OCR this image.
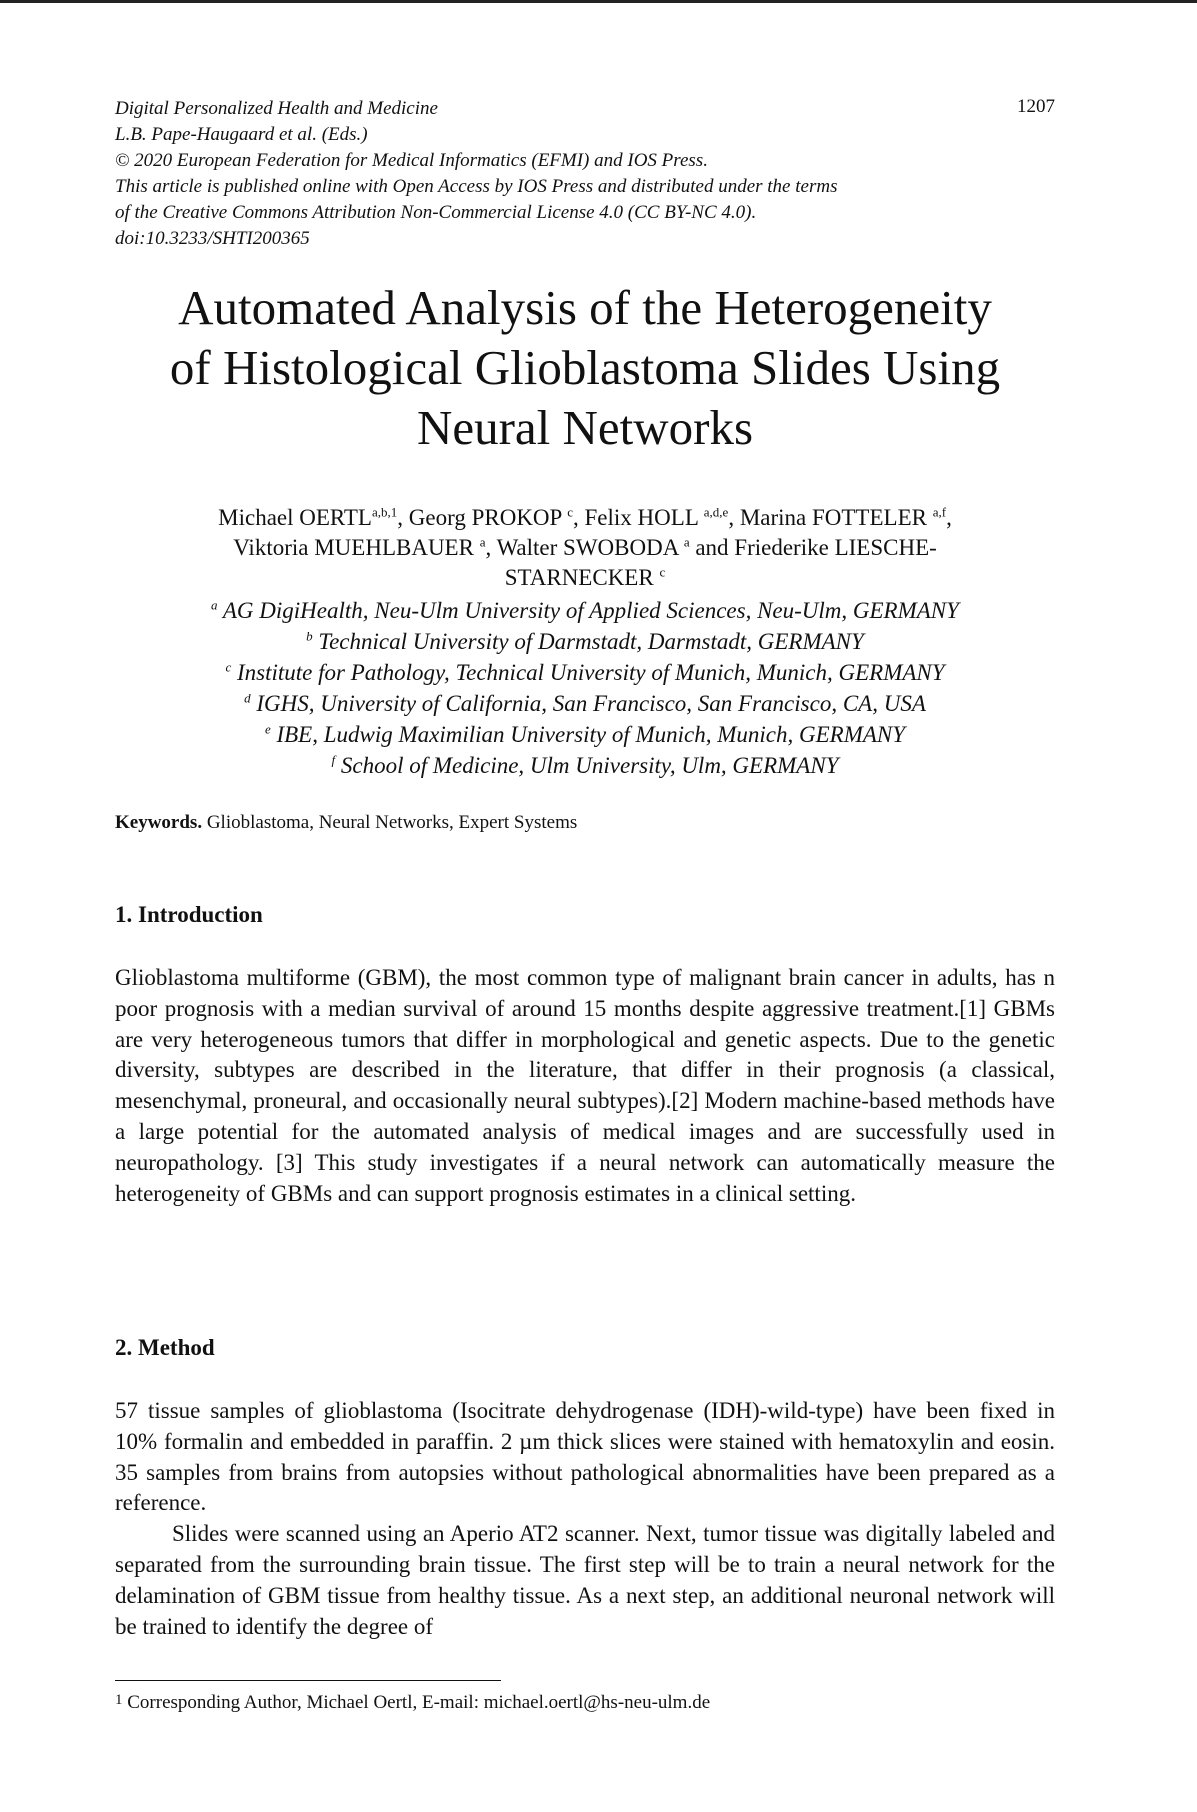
Digital Personalized Health and Medicine
L.B. Pape-Haugaard et al. (Eds.)
© 2020 European Federation for Medical Informatics (EFMI) and IOS Press.
This article is published online with Open Access by IOS Press and distributed under the terms
of the Creative Commons Attribution Non-Commercial License 4.0 (CC BY-NC 4.0).
doi:10.3233/SHTI200365
1207
Automated Analysis of the Heterogeneity
of Histological Glioblastoma Slides Using
Neural Networks
Michael OERTL$^{a,b,1}$, Georg PROKOP $^c$, Felix HOLL $^{a,d,e}$, Marina FOTTELER $^{a,f}$,
Viktoria MUEHLBAUER $^a$, Walter SWOBODA $^a$ and Friederike LIESCHE-
STARNECKER $^c$
$^a$ AG DigiHealth, Neu-Ulm University of Applied Sciences, Neu-Ulm, GERMANY
$^b$ Technical University of Darmstadt, Darmstadt, GERMANY
$^c$ Institute for Pathology, Technical University of Munich, Munich, GERMANY
$^d$ IGHS, University of California, San Francisco, San Francisco, CA, USA
$^e$ IBE, Ludwig Maximilian University of Munich, Munich, GERMANY
$^f$ School of Medicine, Ulm University, Ulm, GERMANY
Keywords. Glioblastoma, Neural Networks, Expert Systems
1. Introduction

Glioblastoma multiforme (GBM), the most common type of malignant brain cancer in adults, has n poor prognosis with a median survival of around 15 months despite aggressive treatment.[1] GBMs are very heterogeneous tumors that differ in morphological and genetic aspects. Due to the genetic diversity, subtypes are described in the literature, that differ in their prognosis (a classical, mesenchymal, proneural, and occasionally neural subtypes).[2] Modern machine-based methods have a large potential for the automated analysis of medical images and are successfully used in neuropathology. [3] This study investigates if a neural network can automatically measure the heterogeneity of GBMs and can support prognosis estimates in a clinical setting.

2. Method

57 tissue samples of glioblastoma (Isocitrate dehydrogenase (IDH)-wild-type) have been fixed in 10% formalin and embedded in paraffin. 2 µm thick slices were stained with hematoxylin and eosin. 35 samples from brains from autopsies without pathological abnormalities have been prepared as a reference.

Slides were scanned using an Aperio AT2 scanner. Next, tumor tissue was digitally labeled and separated from the surrounding brain tissue. The first step will be to train a neural network for the delamination of GBM tissue from healthy tissue. As a next step, an additional neuronal network will be trained to identify the degree of

$^1$ Corresponding Author, Michael Oertl, E-mail: michael.oertl@hs-neu-ulm.de
